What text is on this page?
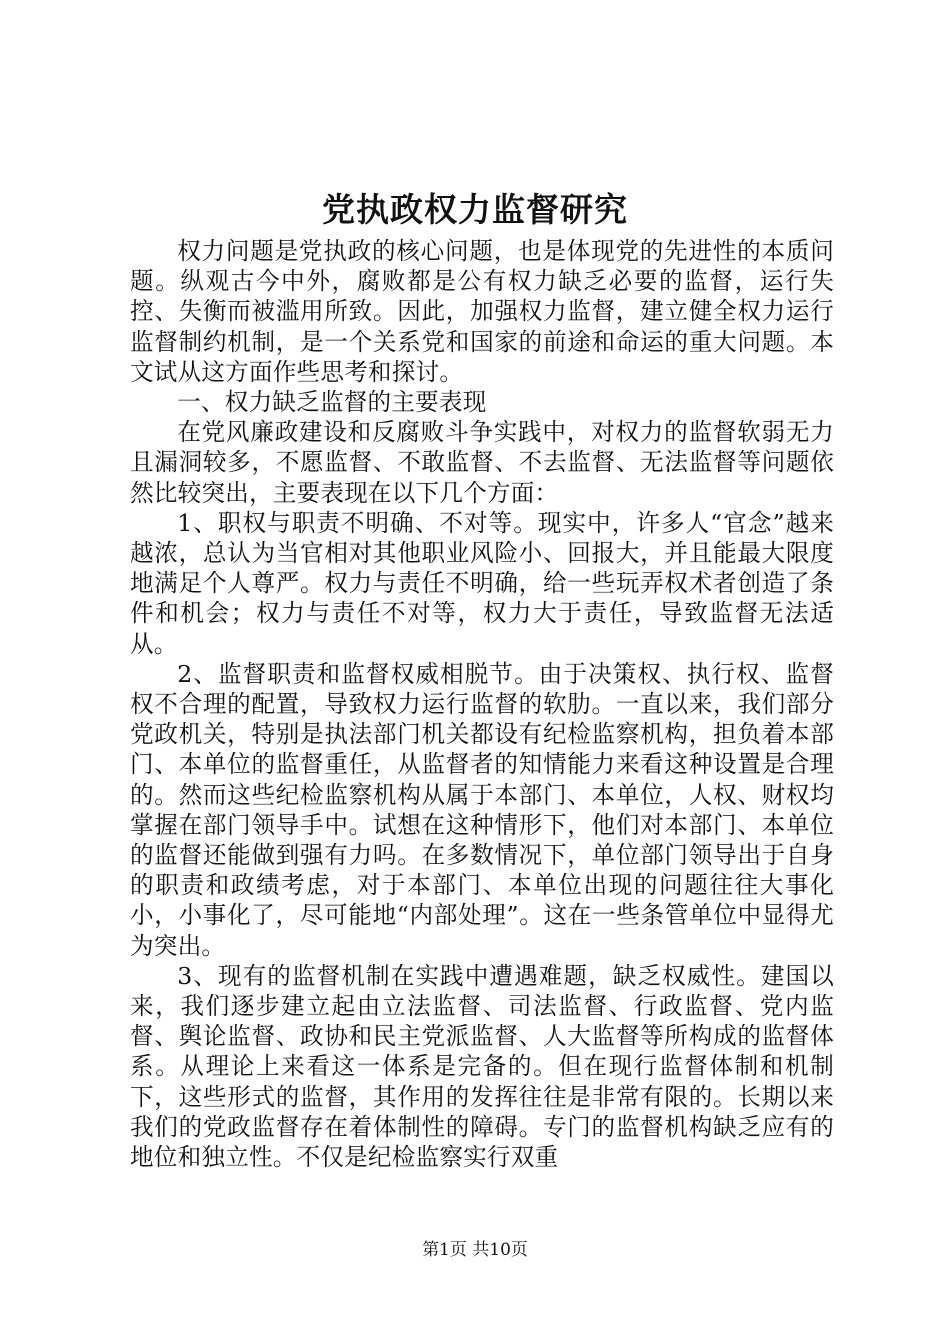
党执政权力监督研究

权力问题是党执政的核心问题，也是体现党的先进性的本质问题。纵观古今中外，腐败都是公有权力缺乏必要的监督，运行失控、失衡而被滥用所致。因此，加强权力监督，建立健全权力运行监督制约机制，是一个关系党和国家的前途和命运的重大问题。本文试从这方面作些思考和探讨。

一、权力缺乏监督的主要表现

在党风廉政建设和反腐败斗争实践中，对权力的监督软弱无力且漏洞较多，不愿监督、不敢监督、不去监督、无法监督等问题依然比较突出，主要表现在以下几个方面：

1、职权与职责不明确、不对等。现实中，许多人“官念”越来越浓，总认为当官相对其他职业风险小、回报大，并且能最大限度地满足个人尊严。权力与责任不明确，给一些玩弄权术者创造了条件和机会；权力与责任不对等，权力大于责任，导致监督无法适从。

2、监督职责和监督权威相脱节。由于决策权、执行权、监督权不合理的配置，导致权力运行监督的软肋。一直以来，我们部分党政机关，特别是执法部门机关都设有纪检监察机构，担负着本部门、本单位的监督重任，从监督者的知情能力来看这种设置是合理的。然而这些纪检监察机构从属于本部门、本单位，人权、财权均掌握在部门领导手中。试想在这种情形下，他们对本部门、本单位的监督还能做到强有力吗。在多数情况下，单位部门领导出于自身的职责和政绩考虑，对于本部门、本单位出现的问题往往大事化小，小事化了，尽可能地“内部处理”。这在一些条管单位中显得尤为突出。

3、现有的监督机制在实践中遭遇难题，缺乏权威性。建国以来，我们逐步建立起由立法监督、司法监督、行政监督、党内监督、舆论监督、政协和民主党派监督、人大监督等所构成的监督体系。从理论上来看这一体系是完备的。但在现行监督体制和机制下，这些形式的监督，其作用的发挥往往是非常有限的。长期以来我们的党政监督存在着体制性的障碍。专门的监督机构缺乏应有的地位和独立性。不仅是纪检监察实行双重

第1页 共10页
